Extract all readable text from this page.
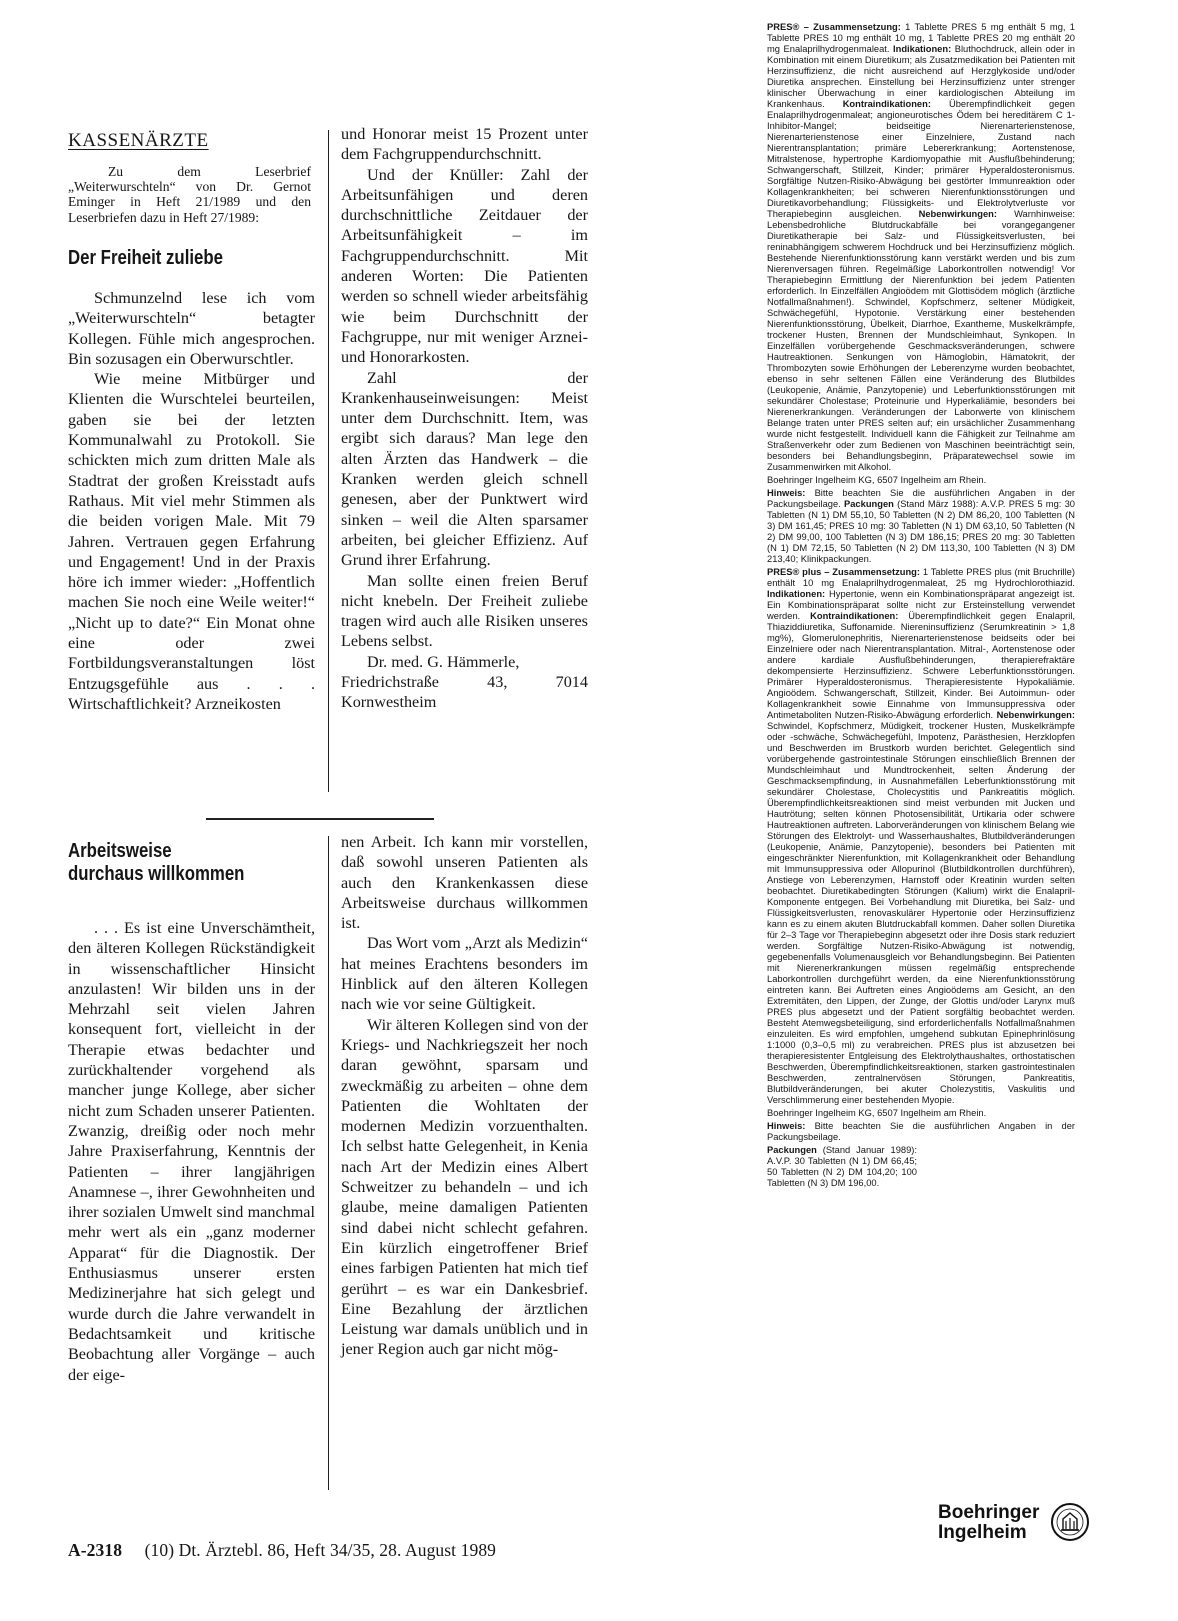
KASSENÄRZTE

Zu dem Leserbrief „Weiterwurschteln“ von Dr. Gernot Eminger in Heft 21/1989 und den Leserbriefen dazu in Heft 27/1989:

Der Freiheit zuliebe

Schmunzelnd lese ich vom „Weiterwurschteln“ betagter Kollegen. Fühle mich angesprochen. Bin sozusagen ein Oberwurschtler.

Wie meine Mitbürger und Klienten die Wurschtelei beurteilen, gaben sie bei der letzten Kommunalwahl zu Protokoll. Sie schickten mich zum dritten Male als Stadtrat der großen Kreisstadt aufs Rathaus. Mit viel mehr Stimmen als die beiden vorigen Male. Mit 79 Jahren. Vertrauen gegen Erfahrung und Engagement! Und in der Praxis höre ich immer wieder: „Hoffentlich machen Sie noch eine Weile weiter!“ „Nicht up to date?“ Ein Monat ohne eine oder zwei Fortbildungsveranstaltungen löst Entzugsgefühle aus . . . Wirtschaftlichkeit? Arzneikosten

und Honorar meist 15 Prozent unter dem Fachgruppendurchschnitt.

Und der Knüller: Zahl der Arbeitsunfähigen und deren durchschnittliche Zeitdauer der Arbeitsunfähigkeit – im Fachgruppendurchschnitt. Mit anderen Worten: Die Patienten werden so schnell wieder arbeitsfähig wie beim Durchschnitt der Fachgruppe, nur mit weniger Arznei- und Honorarkosten.

Zahl der Krankenhauseinweisungen: Meist unter dem Durchschnitt. Item, was ergibt sich daraus? Man lege den alten Ärzten das Handwerk – die Kranken werden gleich schnell genesen, aber der Punktwert wird sinken – weil die Alten sparsamer arbeiten, bei gleicher Effizienz. Auf Grund ihrer Erfahrung.

Man sollte einen freien Beruf nicht knebeln. Der Freiheit zuliebe tragen wird auch alle Risiken unseres Lebens selbst.

Dr. med. G. Hämmerle,

Friedrichstraße 43, 7014 Kornwestheim

Arbeitsweise
durchaus willkommen

. . . Es ist eine Unverschämtheit, den älteren Kollegen Rückständigkeit in wissenschaftlicher Hinsicht anzulasten! Wir bilden uns in der Mehrzahl seit vielen Jahren konsequent fort, vielleicht in der Therapie etwas bedachter und zurückhaltender vorgehend als mancher junge Kollege, aber sicher nicht zum Schaden unserer Patienten. Zwanzig, dreißig oder noch mehr Jahre Praxiserfahrung, Kenntnis der Patienten – ihrer langjährigen Anamnese –, ihrer Gewohnheiten und ihrer sozialen Umwelt sind manchmal mehr wert als ein „ganz moderner Apparat“ für die Diagnostik. Der Enthusiasmus unserer ersten Medizinerjahre hat sich gelegt und wurde durch die Jahre verwandelt in Bedachtsamkeit und kritische Beobachtung aller Vorgänge – auch der eige-

nen Arbeit. Ich kann mir vorstellen, daß sowohl unseren Patienten als auch den Krankenkassen diese Arbeitsweise durchaus willkommen ist.

Das Wort vom „Arzt als Medizin“ hat meines Erachtens besonders im Hinblick auf den älteren Kollegen nach wie vor seine Gültigkeit.

Wir älteren Kollegen sind von der Kriegs- und Nachkriegszeit her noch daran gewöhnt, sparsam und zweckmäßig zu arbeiten – ohne dem Patienten die Wohltaten der modernen Medizin vorzuenthalten. Ich selbst hatte Gelegenheit, in Kenia nach Art der Medizin eines Albert Schweitzer zu behandeln – und ich glaube, meine damaligen Patienten sind dabei nicht schlecht gefahren. Ein kürzlich eingetroffener Brief eines farbigen Patienten hat mich tief gerührt – es war ein Dankesbrief. Eine Bezahlung der ärztlichen Leistung war damals unüblich und in jener Region auch gar nicht mög-

A-2318 (10) Dt. Ärztebl. 86, Heft 34/35, 28. August 1989

PRES® – Zusammensetzung: 1 Tablette PRES 5 mg enthält 5 mg, 1 Tablette PRES 10 mg enthält 10 mg, 1 Tablette PRES 20 mg enthält 20 mg Enalaprilhydrogenmaleat. Indikationen: Bluthochdruck, allein oder in Kombination mit einem Diuretikum; als Zusatzmedikation bei Patienten mit Herzinsuffizienz, die nicht ausreichend auf Herzglykoside und/oder Diuretika ansprechen. Einstellung bei Herzinsuffizienz unter strenger klinischer Überwachung in einer kardiologischen Abteilung im Krankenhaus. Kontraindikationen: Überempfindlichkeit gegen Enalaprilhydrogenmaleat; angioneurotisches Ödem bei hereditärem C 1-Inhibitor-Mangel; beidseitige Nierenarterienstenose, Nierenarterienstenose einer Einzelniere, Zustand nach Nierentransplantation; primäre Lebererkrankung; Aortenstenose, Mitralstenose, hypertrophe Kardiomyopathie mit Ausflußbehinderung; Schwangerschaft, Stillzeit, Kinder; primärer Hyperaldosteronismus. Sorgfältige Nutzen-Risiko-Abwägung bei gestörter Immunreaktion oder Kollagenkrankheiten; bei schweren Nierenfunktionsstörungen und Diuretikavorbehandlung; Flüssigkeits- und Elektrolytverluste vor Therapiebeginn ausgleichen. Nebenwirkungen: Warnhinweise: Lebensbedrohliche Blutdruckabfälle bei vorangegangener Diuretikatherapie bei Salz- und Flüssigkeitsverlusten, bei reninabhängigem schwerem Hochdruck und bei Herzinsuffizienz möglich. Bestehende Nierenfunktionsstörung kann verstärkt werden und bis zum Nierenversagen führen. Regelmäßige Laborkontrollen notwendig! Vor Therapiebeginn Ermittlung der Nierenfunktion bei jedem Patienten erforderlich. In Einzelfällen Angioödem mit Glottisödem möglich (ärztliche Notfallmaßnahmen!). Schwindel, Kopfschmerz, seltener Müdigkeit, Schwächegefühl, Hypotonie. Verstärkung einer bestehenden Nierenfunktionsstörung, Übelkeit, Diarrhoe, Exantheme, Muskelkrämpfe, trockener Husten, Brennen der Mundschleimhaut, Synkopen. In Einzelfällen vorübergehende Geschmacksveränderungen, schwere Hautreaktionen. Senkungen von Hämoglobin, Hämatokrit, der Thrombozyten sowie Erhöhungen der Leberenzyme wurden beobachtet, ebenso in sehr seltenen Fällen eine Veränderung des Blutbildes (Leukopenie, Anämie, Panzytopenie) und Leberfunktionsstörungen mit sekundärer Cholestase; Proteinurie und Hyperkaliämie, besonders bei Nierenerkrankungen. Veränderungen der Laborwerte von klinischem Belange traten unter PRES selten auf; ein ursächlicher Zusammenhang wurde nicht festgestellt. Individuell kann die Fähigkeit zur Teilnahme am Straßenverkehr oder zum Bedienen von Maschinen beeinträchtigt sein, besonders bei Behandlungsbeginn, Präparatewechsel sowie im Zusammenwirken mit Alkohol.

Boehringer Ingelheim KG, 6507 Ingelheim am Rhein.

Hinweis: Bitte beachten Sie die ausführlichen Angaben in der Packungsbeilage. Packungen (Stand März 1988): A.V.P. PRES 5 mg: 30 Tabletten (N 1) DM 55,10, 50 Tabletten (N 2) DM 86,20, 100 Tabletten (N 3) DM 161,45; PRES 10 mg: 30 Tabletten (N 1) DM 63,10, 50 Tabletten (N 2) DM 99,00, 100 Tabletten (N 3) DM 186,15; PRES 20 mg: 30 Tabletten (N 1) DM 72,15, 50 Tabletten (N 2) DM 113,30, 100 Tabletten (N 3) DM 213,40; Klinikpackungen.

PRES® plus – Zusammensetzung: 1 Tablette PRES plus (mit Bruchrille) enthält 10 mg Enalaprilhydrogenmaleat, 25 mg Hydrochlorothiazid. Indikationen: Hypertonie, wenn ein Kombinationspräparat angezeigt ist. Ein Kombinationspräparat sollte nicht zur Ersteinstellung verwendet werden. Kontraindikationen: Überempfindlichkeit gegen Enalapril, Thiaziddiuretika, Suffonamide. Niereninsuffizienz (Serumkreatinin > 1,8 mg%), Glomerulonephritis, Nierenarterienstenose beidseits oder bei Einzelniere oder nach Nierentransplantation. Mitral-, Aortenstenose oder andere kardiale Ausflußbehinderungen, therapierefraktäre dekompensierte Herzinsuffizienz. Schwere Leberfunktionsstörungen. Primärer Hyperaldosteronismus. Therapieresistente Hypokaliämie. Angioödem. Schwangerschaft, Stillzeit, Kinder. Bei Autoimmun- oder Kollagenkrankheit sowie Einnahme von Immunsuppressiva oder Antimetaboliten Nutzen-Risiko-Abwägung erforderlich. Nebenwirkungen: Schwindel, Kopfschmerz, Müdigkeit, trockener Husten, Muskelkrämpfe oder -schwäche, Schwächegefühl, Impotenz, Parästhesien, Herzklopfen und Beschwerden im Brustkorb wurden berichtet. Gelegentlich sind vorübergehende gastrointestinale Störungen einschließlich Brennen der Mundschleimhaut und Mundtrockenheit, selten Änderung der Geschmacksempfindung, in Ausnahmefällen Leberfunktionsstörung mit sekundärer Cholestase, Cholecystitis und Pankreatitis möglich. Überempfindlichkeitsreaktionen sind meist verbunden mit Jucken und Hautrötung; selten können Photosensibilität, Urtikaria oder schwere Hautreaktionen auftreten. Laborveränderungen von klinischem Belang wie Störungen des Elektrolyt- und Wasserhaushaltes, Blutbildveränderungen (Leukopenie, Anämie, Panzytopenie), besonders bei Patienten mit eingeschränkter Nierenfunktion, mit Kollagenkrankheit oder Behandlung mit Immunsuppressiva oder Allopurinol (Blutbildkontrollen durchführen), Anstiege von Leberenzymen, Harnstoff oder Kreatinin wurden selten beobachtet. Diuretikabedingten Störungen (Kalium) wirkt die Enalapril-Komponente entgegen. Bei Vorbehandlung mit Diuretika, bei Salz- und Flüssigkeitsverlusten, renovaskulärer Hypertonie oder Herzinsuffizienz kann es zu einem akuten Blutdruckabfall kommen. Daher sollen Diuretika für 2–3 Tage vor Therapiebeginn abgesetzt oder ihre Dosis stark reduziert werden. Sorgfältige Nutzen-Risiko-Abwägung ist notwendig, gegebenenfalls Volumenausgleich vor Behandlungsbeginn. Bei Patienten mit Nierenerkrankungen müssen regelmäßig entsprechende Laborkontrollen durchgeführt werden, da eine Nierenfunktionsstörung eintreten kann. Bei Auftreten eines Angioödems am Gesicht, an den Extremitäten, den Lippen, der Zunge, der Glottis und/oder Larynx muß PRES plus abgesetzt und der Patient sorgfältig beobachtet werden. Besteht Atemwegsbeteiligung, sind erforderlichenfalls Notfallmaßnahmen einzuleiten. Es wird empfohlen, umgehend subkutan Epinephrinlösung 1:1000 (0,3–0,5 ml) zu verabreichen. PRES plus ist abzusetzen bei therapieresistenter Entgleisung des Elektrolythaushaltes, orthostatischen Beschwerden, Überempfindlichkeitsreaktionen, starken gastrointestinalen Beschwerden, zentralnervösen Störungen, Pankreatitis, Blutbildveränderungen, bei akuter Cholezystitis, Vaskulitis und Verschlimmerung einer bestehenden Myopie.

Boehringer Ingelheim KG, 6507 Ingelheim am Rhein.

Hinweis: Bitte beachten Sie die ausführlichen Angaben in der Packungsbeilage.

Packungen (Stand Januar 1989): A.V.P. 30 Tabletten (N 1) DM 66,45; 50 Tabletten (N 2) DM 104,20; 100 Tabletten (N 3) DM 196,00.

Boehringer
Ingelheim
